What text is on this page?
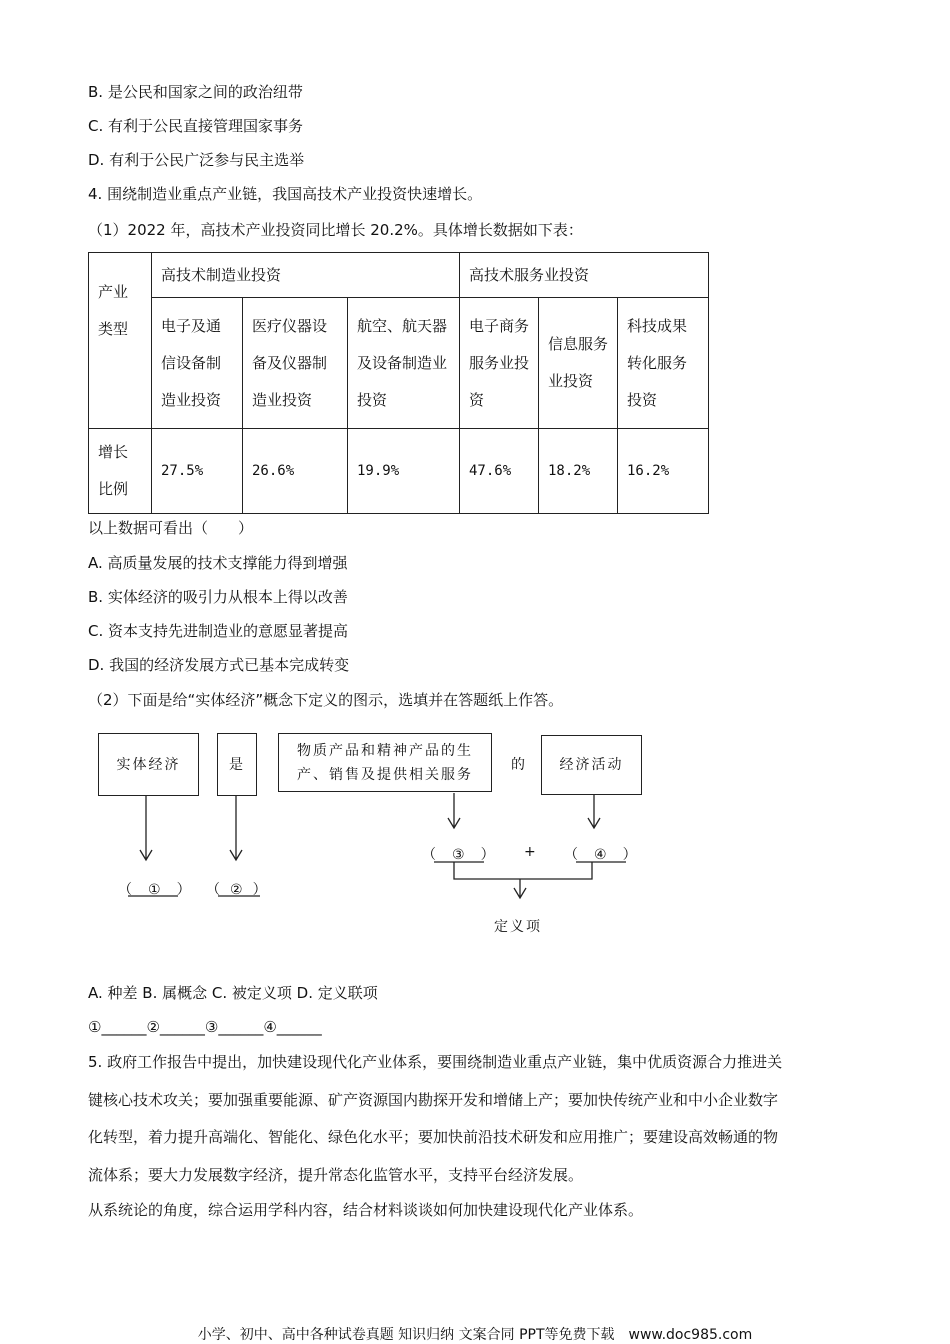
B. 是公民和国家之间的政治纽带
C. 有利于公民直接管理国家事务
D. 有利于公民广泛参与民主选举
4. 围绕制造业重点产业链，我国高技术产业投资快速增长。
（1）2022 年，高技术产业投资同比增长 20.2%。具体增长数据如下表：
产业
类型	高技术制造业投资			高技术服务业投资		
	电子及通信设备制造业投资	医疗仪器设备及仪器制造业投资	航空、航天器及设备制造业投资	电子商务服务业投资	信息服务业投资	科技成果转化服务投资
增长
比例	27.5%	26.6%	19.9%	47.6%	18.2%	16.2%
以上数据可看出（　　）
A. 高质量发展的技术支撑能力得到增强
B. 实体经济的吸引力从根本上得以改善
C. 资本支持先进制造业的意愿显著提高
D. 我国的经济发展方式已基本完成转变
（2）下面是给“实体经济”概念下定义的图示，选填并在答题纸上作答。
实体经济	是
物质产品和精神产品的生产、销售及提供相关服务
的	经济活动
（ ① ） （ ② ）
（ ③ ） + （ ④ ）
定义项
A. 种差 B. 属概念 C. 被定义项 D. 定义联项
①______②______③______④______
5. 政府工作报告中提出，加快建设现代化产业体系，要围绕制造业重点产业链，集中优质资源合力推进关
键核心技术攻关；要加强重要能源、矿产资源国内勘探开发和增储上产；要加快传统产业和中小企业数字
化转型，着力提升高端化、智能化、绿色化水平；要加快前沿技术研发和应用推广；要建设高效畅通的物
流体系；要大力发展数字经济，提升常态化监管水平，支持平台经济发展。
从系统论的角度，综合运用学科内容，结合材料谈谈如何加快建设现代化产业体系。
小学、初中、高中各种试卷真题 知识归纳 文案合同 PPT等免费下载　www.doc985.com
